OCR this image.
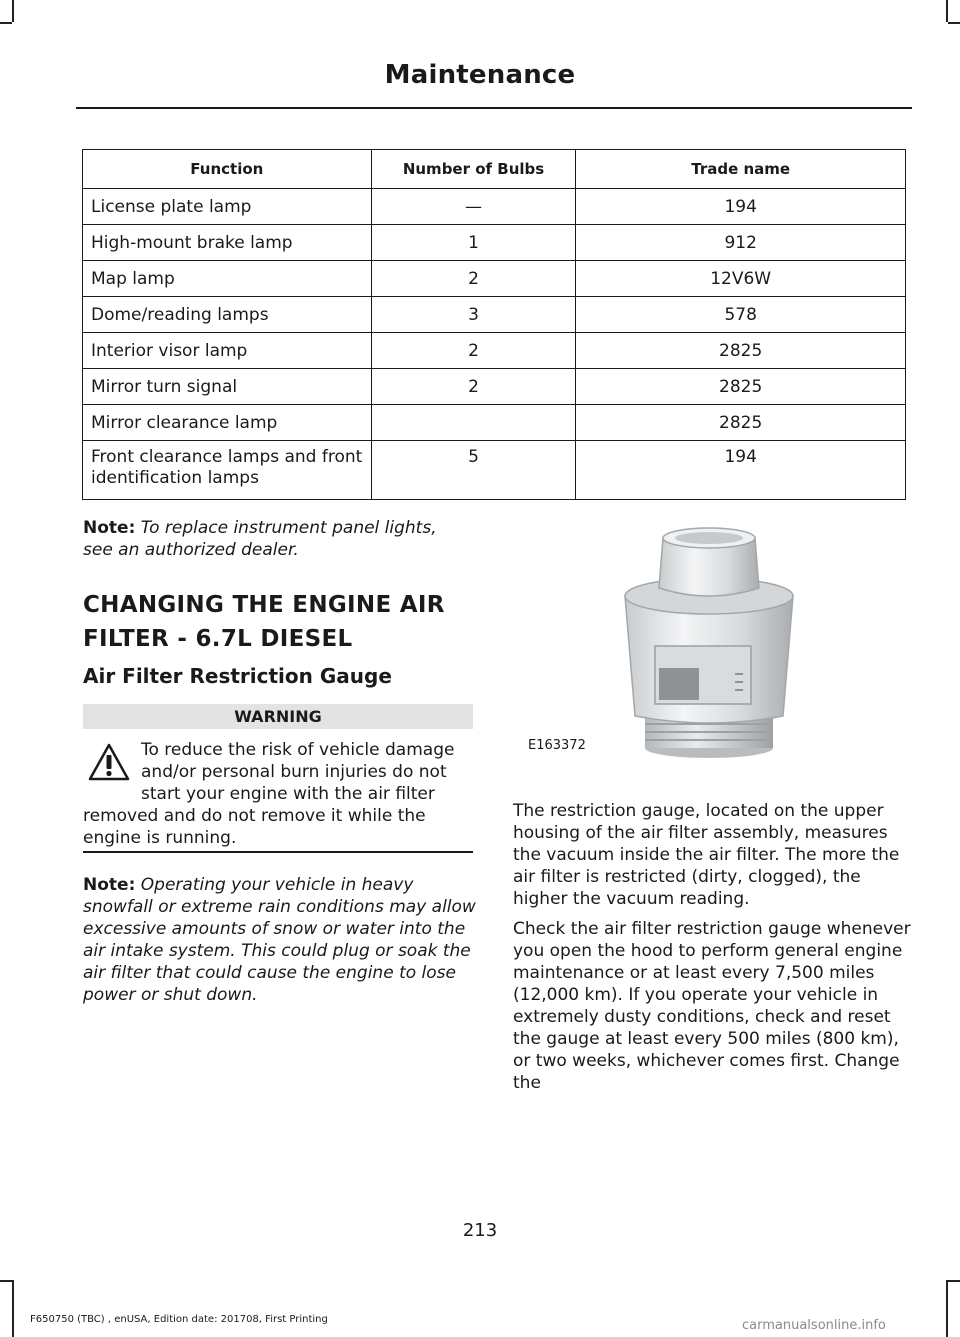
Maintenance
Function	Number of Bulbs	Trade name
License plate lamp	—	194
High-mount brake lamp	1	912
Map lamp	2	12V6W
Dome/reading lamps	3	578
Interior visor lamp	2	2825
Mirror turn signal	2	2825
Mirror clearance lamp		2825
Front clearance lamps and front identification lamps	5	194
Note: To replace instrument panel lights, see an authorized dealer.
CHANGING THE ENGINE AIR FILTER - 6.7L DIESEL
Air Filter Restriction Gauge
WARNING
To reduce the risk of vehicle damage and/or personal burn injuries do not start your engine with the air filter removed and do not remove it while the engine is running.
Note: Operating your vehicle in heavy snowfall or extreme rain conditions may allow excessive amounts of snow or water into the air intake system. This could plug or soak the air filter that could cause the engine to lose power or shut down.
E163372

The restriction gauge, located on the upper housing of the air filter assembly, measures the vacuum inside the air filter. The more the air filter is restricted (dirty, clogged), the higher the vacuum reading.

Check the air filter restriction gauge whenever you open the hood to perform general engine maintenance or at least every 7,500 miles (12,000 km). If you operate your vehicle in extremely dusty conditions, check and reset the gauge at least every 500 miles (800 km), or two weeks, whichever comes first. Change the

213
F650750 (TBC) , enUSA, Edition date: 201708, First Printing	carmanualsonline.info
